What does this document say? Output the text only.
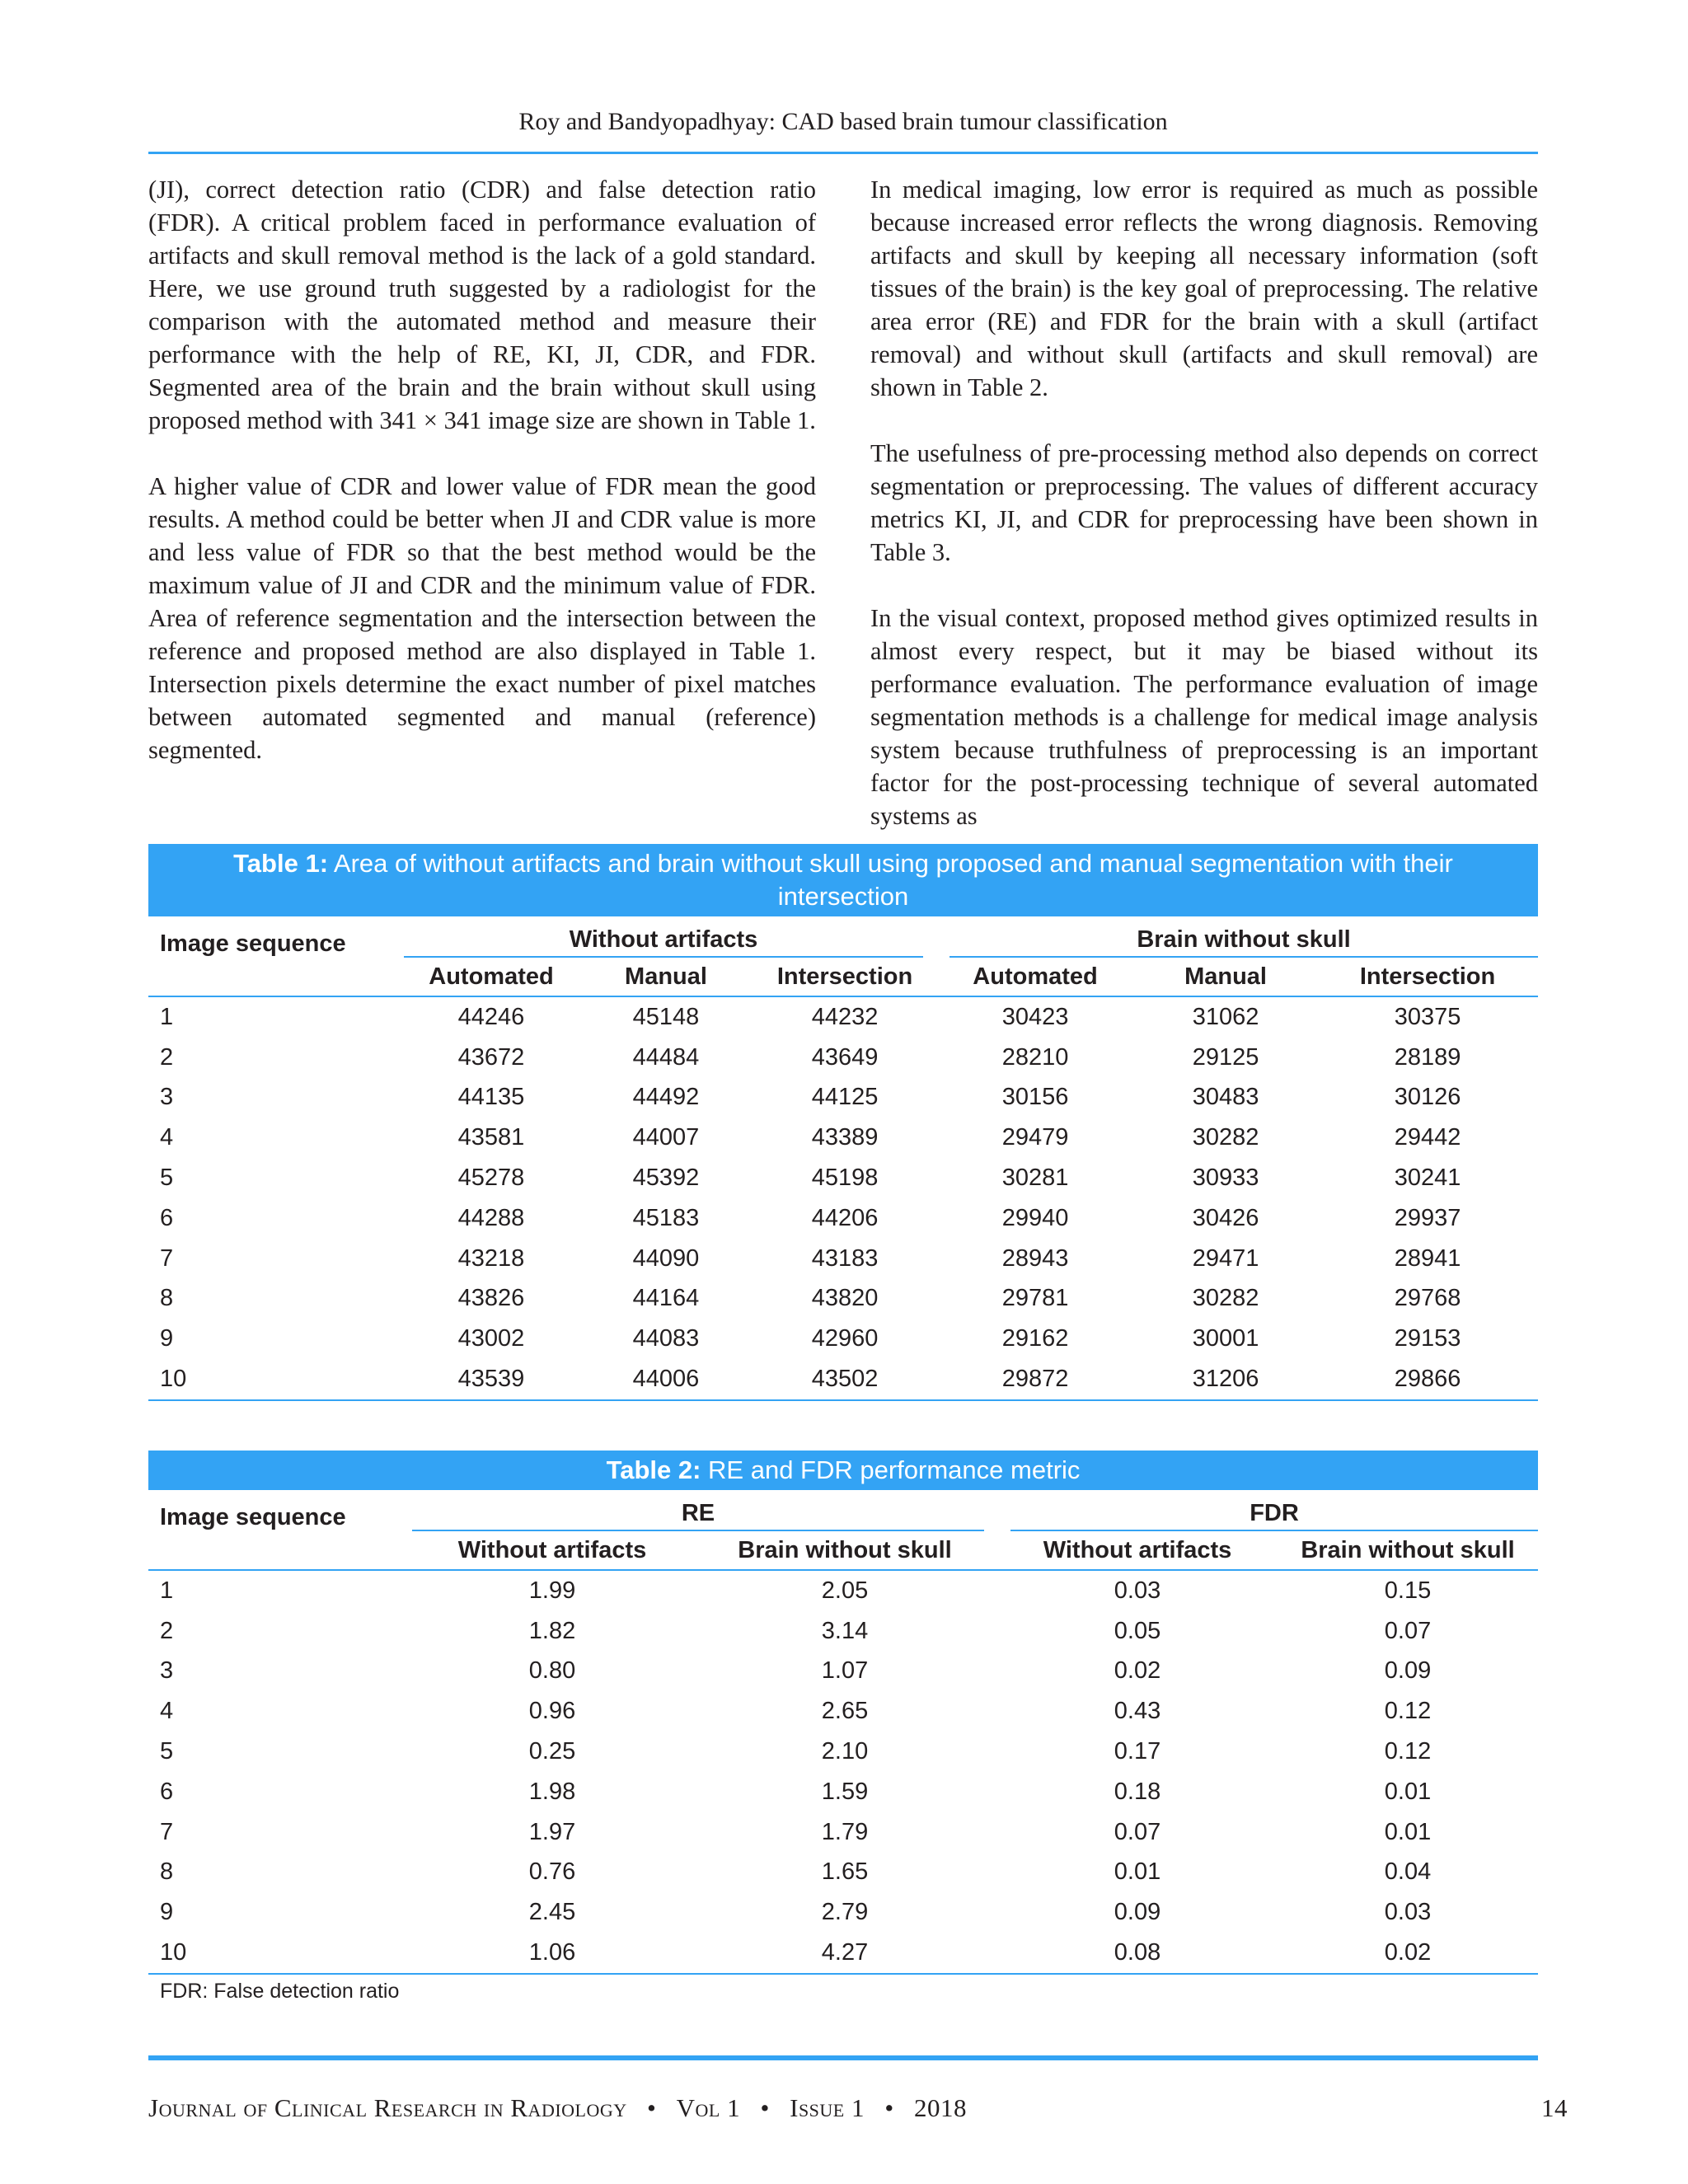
Roy and Bandyopadhyay: CAD based brain tumour classification

(JI), correct detection ratio (CDR) and false detection ratio (FDR). A critical problem faced in performance evaluation of artifacts and skull removal method is the lack of a gold standard. Here, we use ground truth suggested by a radiologist for the comparison with the automated method and measure their performance with the help of RE, KI, JI, CDR, and FDR. Segmented area of the brain and the brain without skull using proposed method with 341 × 341 image size are shown in Table 1.

A higher value of CDR and lower value of FDR mean the good results. A method could be better when JI and CDR value is more and less value of FDR so that the best method would be the maximum value of JI and CDR and the minimum value of FDR. Area of reference segmentation and the intersection between the reference and proposed method are also displayed in Table 1. Intersection pixels determine the exact number of pixel matches between automated segmented and manual (reference) segmented.

In medical imaging, low error is required as much as possible because increased error reflects the wrong diagnosis. Removing artifacts and skull by keeping all necessary information (soft tissues of the brain) is the key goal of preprocessing. The relative area error (RE) and FDR for the brain with a skull (artifact removal) and without skull (artifacts and skull removal) are shown in Table 2.

The usefulness of pre-processing method also depends on correct segmentation or preprocessing. The values of different accuracy metrics KI, JI, and CDR for preprocessing have been shown in Table 3.

In the visual context, proposed method gives optimized results in almost every respect, but it may be biased without its performance evaluation. The performance evaluation of image segmentation methods is a challenge for medical image analysis system because truthfulness of preprocessing is an important factor for the post-processing technique of several automated systems as

Table 1: Area of without artifacts and brain without skull using proposed and manual segmentation with their intersection
Image sequence	Without artifacts			Brain without skull		

	Automated	Manual	Intersection	Automated	Manual	Intersection
1	44246	45148	44232	30423	31062	30375
2	43672	44484	43649	28210	29125	28189
3	44135	44492	44125	30156	30483	30126
4	43581	44007	43389	29479	30282	29442
5	45278	45392	45198	30281	30933	30241
6	44288	45183	44206	29940	30426	29937
7	43218	44090	43183	28943	29471	28941
8	43826	44164	43820	29781	30282	29768
9	43002	44083	42960	29162	30001	29153
10	43539	44006	43502	29872	31206	29866
Table 2: RE and FDR performance metric
Image sequence	RE		FDR	

	Without artifacts	Brain without skull	Without artifacts	Brain without skull
1	1.99	2.05	0.03	0.15
2	1.82	3.14	0.05	0.07
3	0.80	1.07	0.02	0.09
4	0.96	2.65	0.43	0.12
5	0.25	2.10	0.17	0.12
6	1.98	1.59	0.18	0.01
7	1.97	1.79	0.07	0.01
8	0.76	1.65	0.01	0.04
9	2.45	2.79	0.09	0.03
10	1.06	4.27	0.08	0.02
FDR: False detection ratio
Journal of Clinical Research in Radiology • Vol 1 • Issue 1 • 2018	14
